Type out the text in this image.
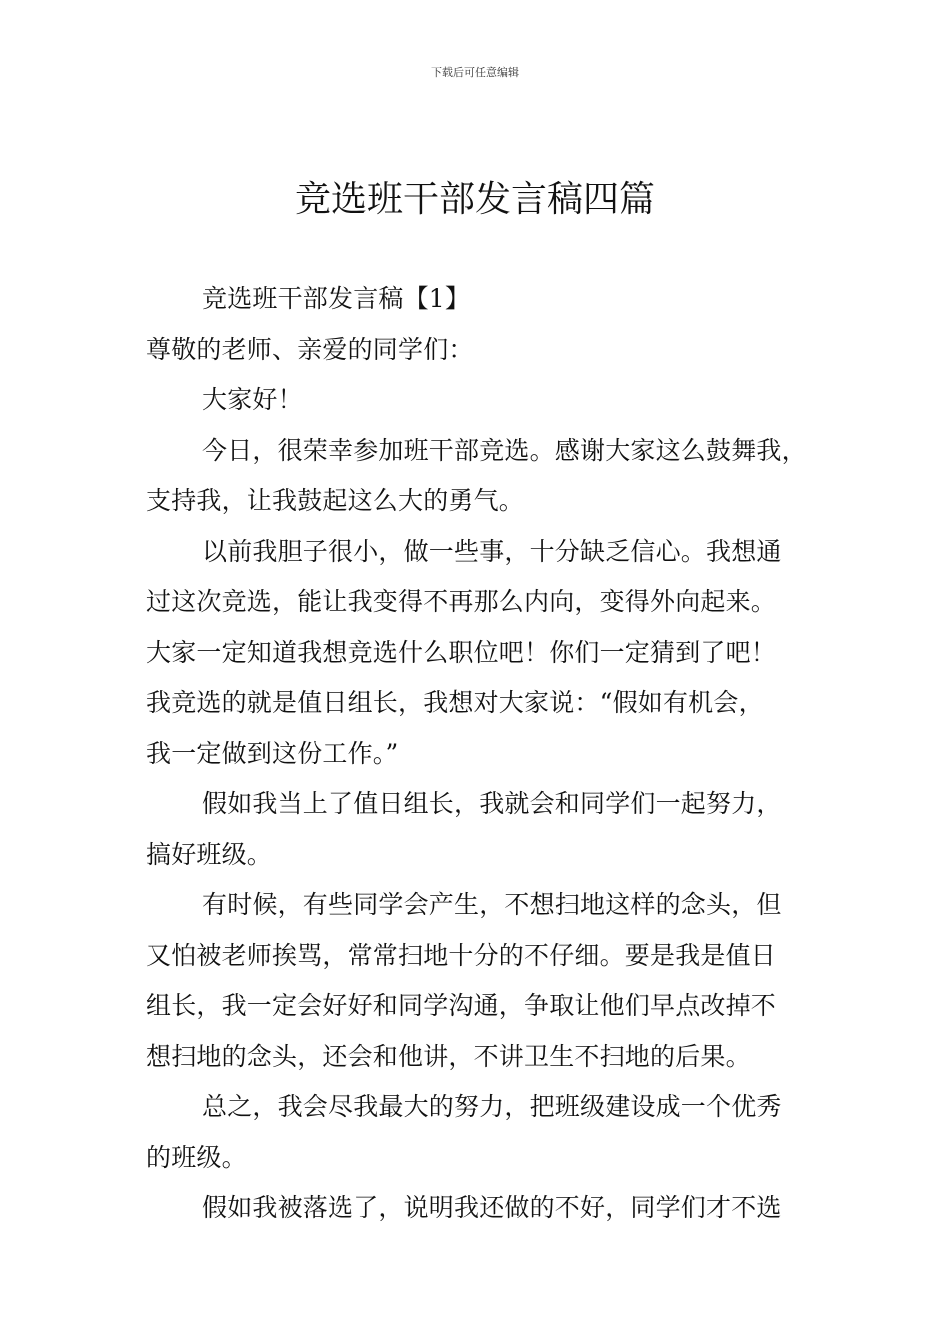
下载后可任意编辑
竞选班干部发言稿四篇
竞选班干部发言稿【1】
尊敬的老师、亲爱的同学们：
大家好！
今日，很荣幸参加班干部竞选。感谢大家这么鼓舞我，
支持我，让我鼓起这么大的勇气。
以前我胆子很小，做一些事，十分缺乏信心。我想通
过这次竞选，能让我变得不再那么内向，变得外向起来。
大家一定知道我想竞选什么职位吧！你们一定猜到了吧！
我竞选的就是值日组长，我想对大家说：“假如有机会，
我一定做到这份工作。”
假如我当上了值日组长，我就会和同学们一起努力，
搞好班级。
有时候，有些同学会产生，不想扫地这样的念头，但
又怕被老师挨骂，常常扫地十分的不仔细。要是我是值日
组长，我一定会好好和同学沟通，争取让他们早点改掉不
想扫地的念头，还会和他讲，不讲卫生不扫地的后果。
总之，我会尽我最大的努力，把班级建设成一个优秀
的班级。
假如我被落选了，说明我还做的不好，同学们才不选
